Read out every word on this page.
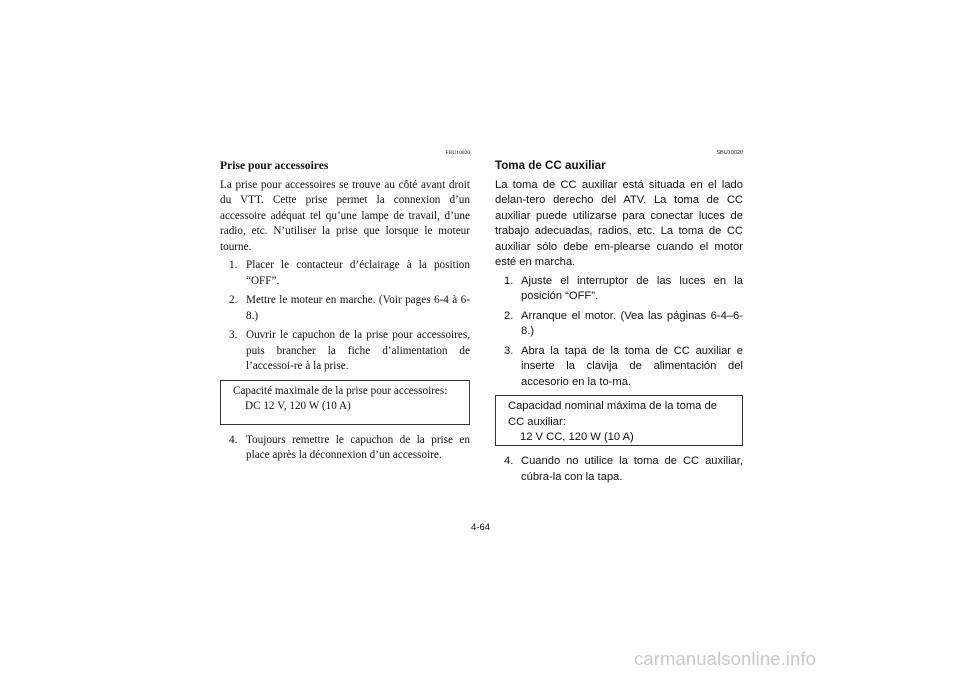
FBU10020
Prise pour accessoires

La prise pour accessoires se trouve au côté avant droit du VTT. Cette prise permet la connexion d’un accessoire adéquat tel qu’une lampe de travail, d’une radio, etc. N’utiliser la prise que lorsque le moteur tourne.

1. Placer le contacteur d’éclairage à la position “OFF”.
2. Mettre le moteur en marche. (Voir pages 6-4 à 6-8.)
3. Ouvrir le capuchon de la prise pour accessoires, puis brancher la fiche d’alimentation de l’accessoi-re à la prise.
Capacité maximale de la prise pour accessoires:
DC 12 V, 120 W (10 A)
4. Toujours remettre le capuchon de la prise en place après la déconnexion d’un accessoire.
SBU10020
Toma de CC auxiliar

La toma de CC auxiliar está situada en el lado delan-tero derecho del ATV. La toma de CC auxiliar puede utilizarse para conectar luces de trabajo adecuadas, radios, etc. La toma de CC auxiliar sólo debe em-plearse cuando el motor esté en marcha.

1. Ajuste el interruptor de las luces en la posición “OFF”.
2. Arranque el motor. (Vea las páginas 6-4–6-8.)
3. Abra la tapa de la toma de CC auxiliar e inserte la clavija de alimentación del accesorio en la to-ma.
Capacidad nominal máxima de la toma de CC auxiliar:
12 V CC, 120 W (10 A)
4. Cuando no utilice la toma de CC auxiliar, cúbra-la con la tapa.
4-64
carmanualsonline.info
